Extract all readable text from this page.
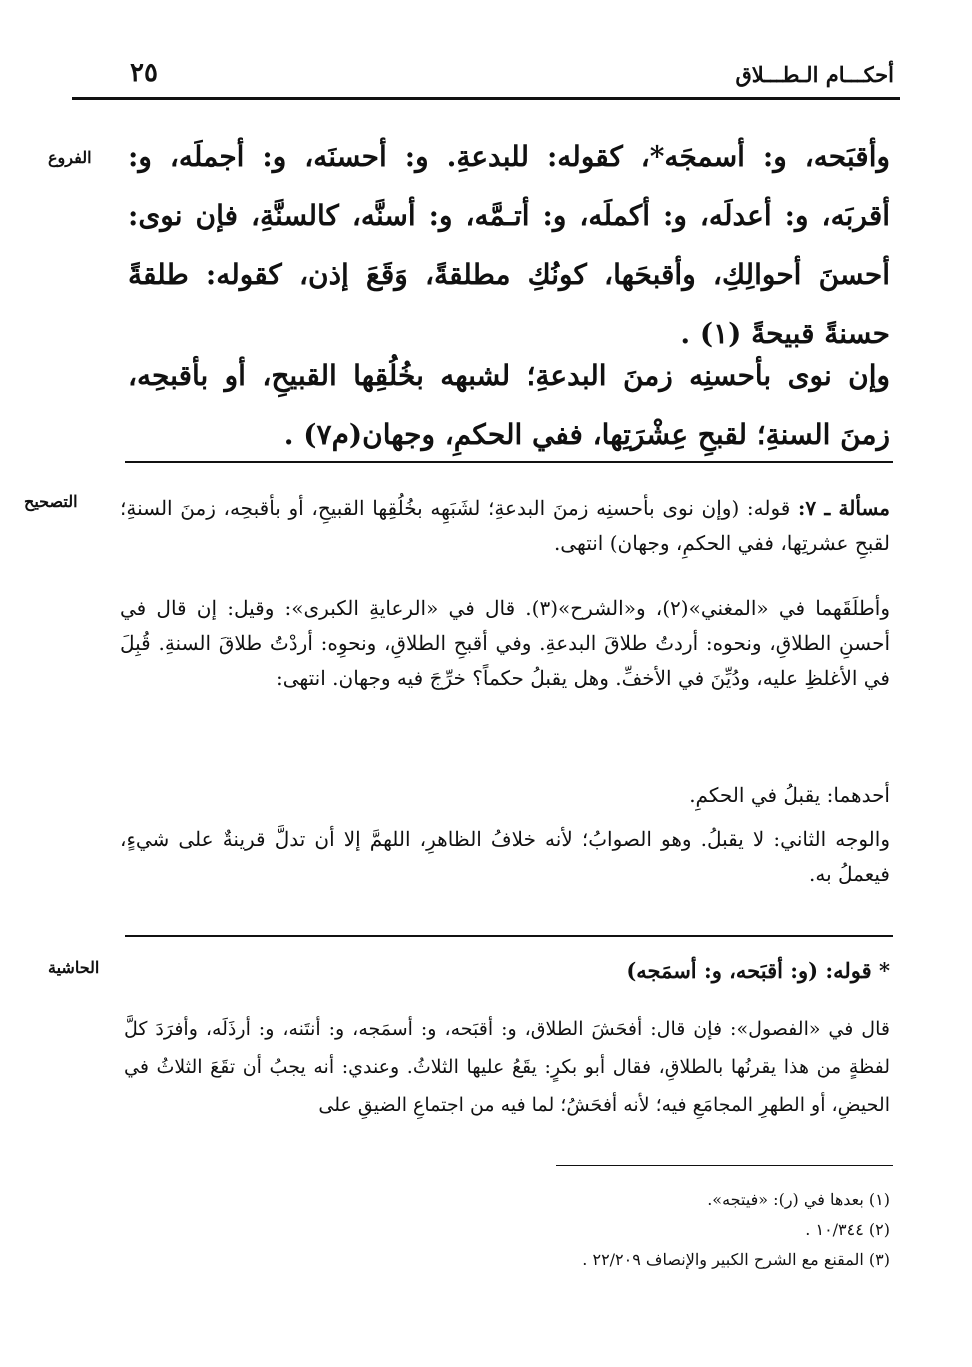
أحكـــام الـطـــلاق
٢٥
الفروع وأقبَحه، و: أسمجَه*، كقوله: للبدعةِ. و: أحسنَه، و: أجملَه، و: أقربَه، و: أعدلَه، و: أكملَه، و: أتـمَّه، و: أسنَّه، كالسنَّةِ، فإن نوى: أحسنَ أحوالِكِ، وأقبحَها، كونُكِ مطلقةً، وَقَعَ إذن، كقوله: طلقةً حسنةً قبيحةً (١) .
وإن نوى بأحسنِه زمنَ البدعةِ؛ لشبهه بخُلُقِها القبيحِ، أو بأقبحِه، زمنَ السنةِ؛ لقبحِ عِشْرَتِها، ففي الحكمِ، وجهان(م٧) .
التصحيح	مسألة ـ ٧: قوله: (وإن نوى بأحسنِه زمنَ البدعةِ؛ لشَبَهِه بخُلُقِها القبيحِ، أو بأقبحِه، زمنَ السنةِ؛ لقبحِ عشرتِها، ففي الحكمِ، وجهان) انتهى.
وأطلَقَهما في «المغني»(٢)، و«الشرح»(٣). قال في «الرعايةِ الكبرى»: وقيل: إن قال في أحسنِ الطلاقِ، ونحوه: أردتُ طلاقَ البدعةِ. وفي أقبحِ الطلاقِ، ونحوِه: أردْتُ طلاقَ السنةِ. قُبِلَ في الأغلظِ عليه، ودُيِّنَ في الأخفِّ. وهل يقبلُ حكماً؟ خرِّجَ فيه وجهان. انتهى:
أحدهما: يقبلُ في الحكمِ.
والوجه الثاني: لا يقبلُ. وهو الصوابُ؛ لأنه خلافُ الظاهرِ، اللهمَّ إلا أن تدلَّ قرينةٌ على شيءٍ، فيعملُ به.
الحاشية	* قوله: (و: أقبَحه، و: أسمَجه)
قال في «الفصول»: فإن قال: أفحَشَ الطلاق، و: أقبَحه، و: أسمَجه، و: أنتَنه، و: أرذَلَه، وأفرَدَ كلَّ لفظةٍ من هذا يقرنُها بالطلاقِ، فقال أبو بكرٍ: يقَعُ عليها الثلاثُ. وعندي: أنه يجبُ أن تقَعَ الثلاثُ في الحيضِ، أو الطهرِ المجامَعِ فيه؛ لأنه أفحَشُ؛ لما فيه من اجتماعِ الضيقِ على
(١) بعدها في (ر): «فيتجه».
(٢) ١٠/٣٤٤ .
(٣) المقنع مع الشرح الكبير والإنصاف ٢٢/٢٠٩ .
